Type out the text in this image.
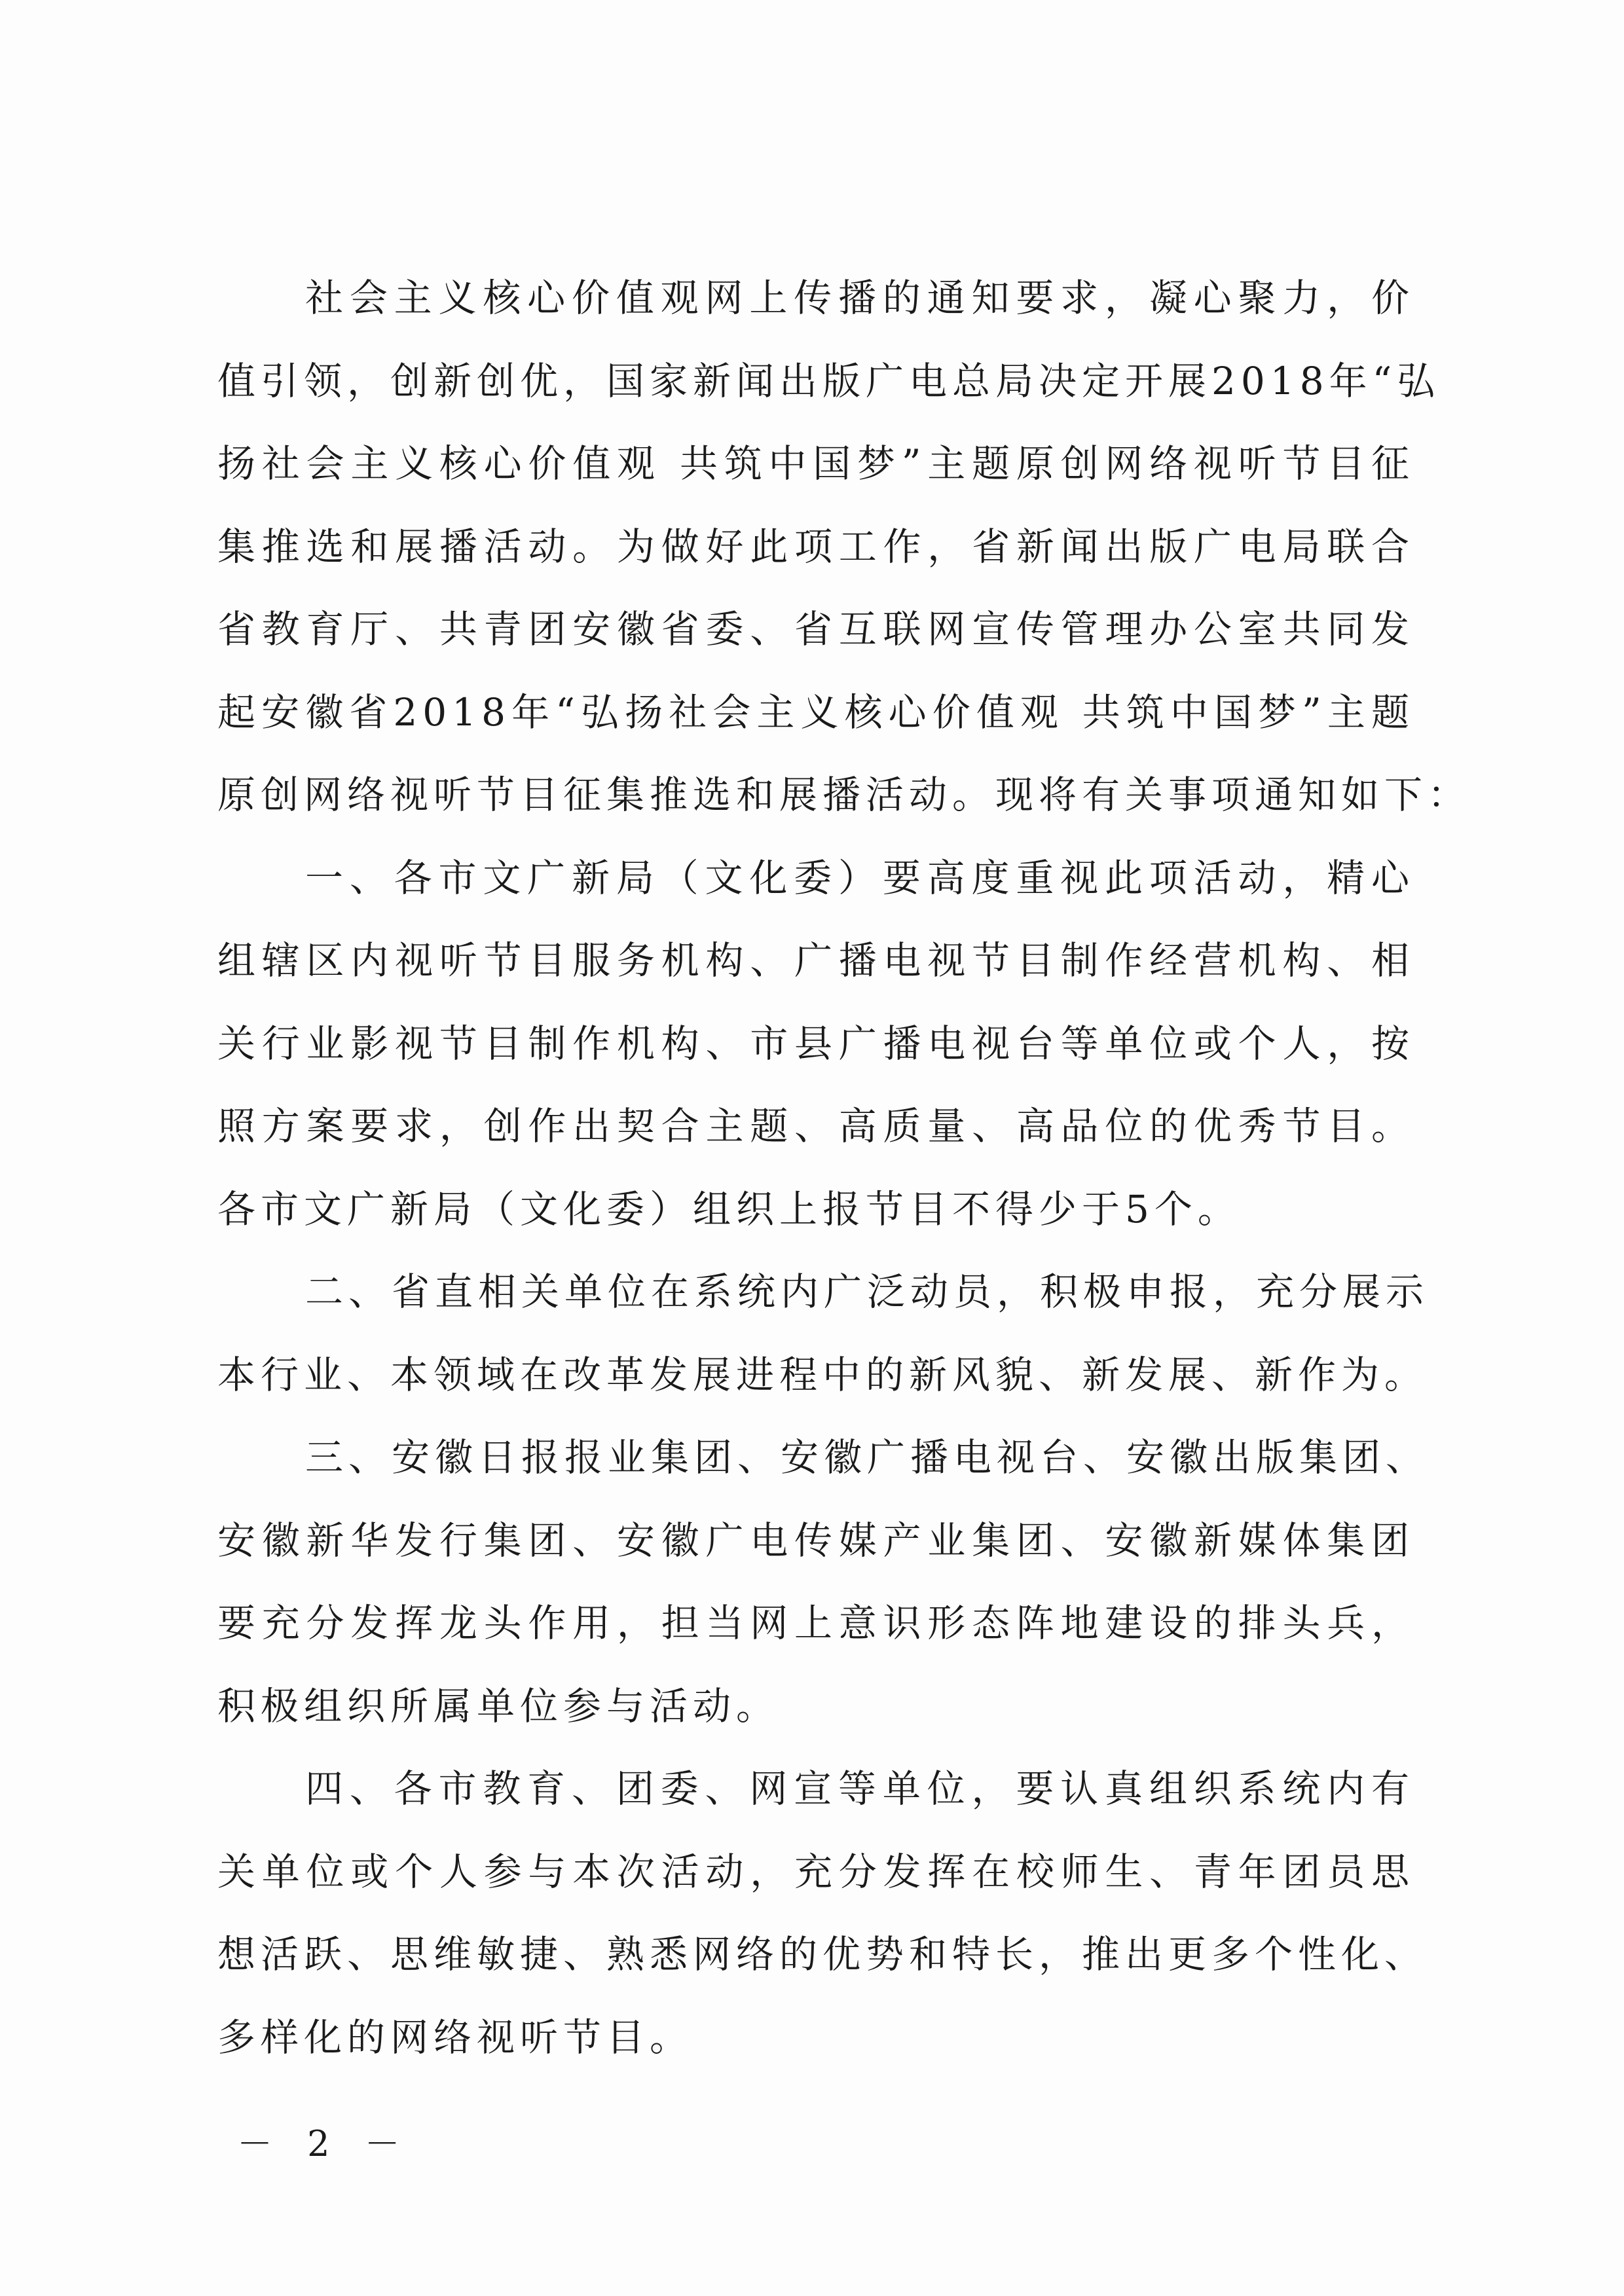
社会主义核心价值观网上传播的通知要求，凝心聚力，价
值引领，创新创优，国家新闻出版广电总局决定开展2018年“弘
扬社会主义核心价值观 共筑中国梦”主题原创网络视听节目征
集推选和展播活动。为做好此项工作，省新闻出版广电局联合
省教育厅、共青团安徽省委、省互联网宣传管理办公室共同发
起安徽省2018年“弘扬社会主义核心价值观 共筑中国梦”主题
原创网络视听节目征集推选和展播活动。现将有关事项通知如下：
一、各市文广新局（文化委）要高度重视此项活动，精心
组辖区内视听节目服务机构、广播电视节目制作经营机构、相
关行业影视节目制作机构、市县广播电视台等单位或个人，按
照方案要求，创作出契合主题、高质量、高品位的优秀节目。
各市文广新局（文化委）组织上报节目不得少于5个。
二、省直相关单位在系统内广泛动员，积极申报，充分展示
本行业、本领域在改革发展进程中的新风貌、新发展、新作为。
三、安徽日报报业集团、安徽广播电视台、安徽出版集团、
安徽新华发行集团、安徽广电传媒产业集团、安徽新媒体集团
要充分发挥龙头作用，担当网上意识形态阵地建设的排头兵，
积极组织所属单位参与活动。
四、各市教育、团委、网宣等单位，要认真组织系统内有
关单位或个人参与本次活动，充分发挥在校师生、青年团员思
想活跃、思维敏捷、熟悉网络的优势和特长，推出更多个性化、
多样化的网络视听节目。
－ 2 －
